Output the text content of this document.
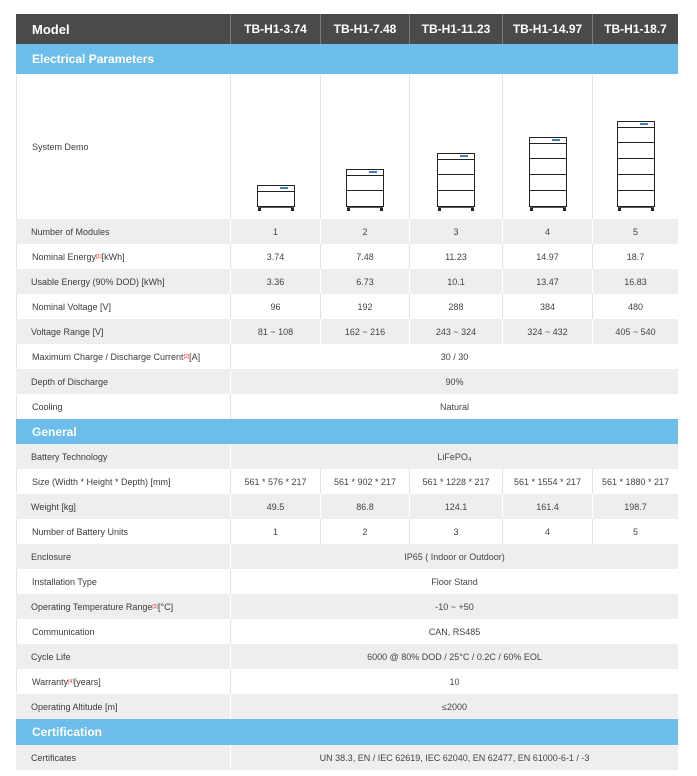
Model	TB-H1-3.74	TB-H1-7.48	TB-H1-11.23	TB-H1-14.97	TB-H1-18.7
Electrical Parameters
System Demo
Number of Modules	1	2	3	4	5
Nominal Energy [1] [kWh]	3.74	7.48	11.23	14.97	18.7
Usable Energy (90% DOD) [kWh]	3.36	6.73	10.1	13.47	16.83
Nominal Voltage [V]	96	192	288	384	480
Voltage Range [V]	81 ~ 108	162 ~ 216	243 ~ 324	324 ~ 432	405 ~ 540
Maximum Charge / Discharge Current [2] [A]	30 / 30
Depth of Discharge	90%
Cooling	Natural
General
Battery Technology	LiFePO₄
Size (Width * Height * Depth) [mm]	561 * 576 * 217	561 * 902 * 217	561 * 1228 * 217	561 * 1554 * 217	561 * 1880 * 217
Weight [kg]	49.5	86.8	124.1	161.4	198.7
Number of Battery Units	1	2	3	4	5
Enclosure	IP65 ( Indoor or Outdoor)
Installation Type	Floor Stand
Operating Temperature Range [3] [°C]	-10 ~ +50
Communication	CAN, RS485
Cycle Life	6000 @ 80% DOD / 25°C / 0.2C / 60% EOL
Warranty [4] [years]	10
Operating Altitude [m]	≤2000
Certification
Certificates	UN 38.3, EN / IEC 62619, IEC 62040, EN 62477, EN 61000-6-1 / -3
